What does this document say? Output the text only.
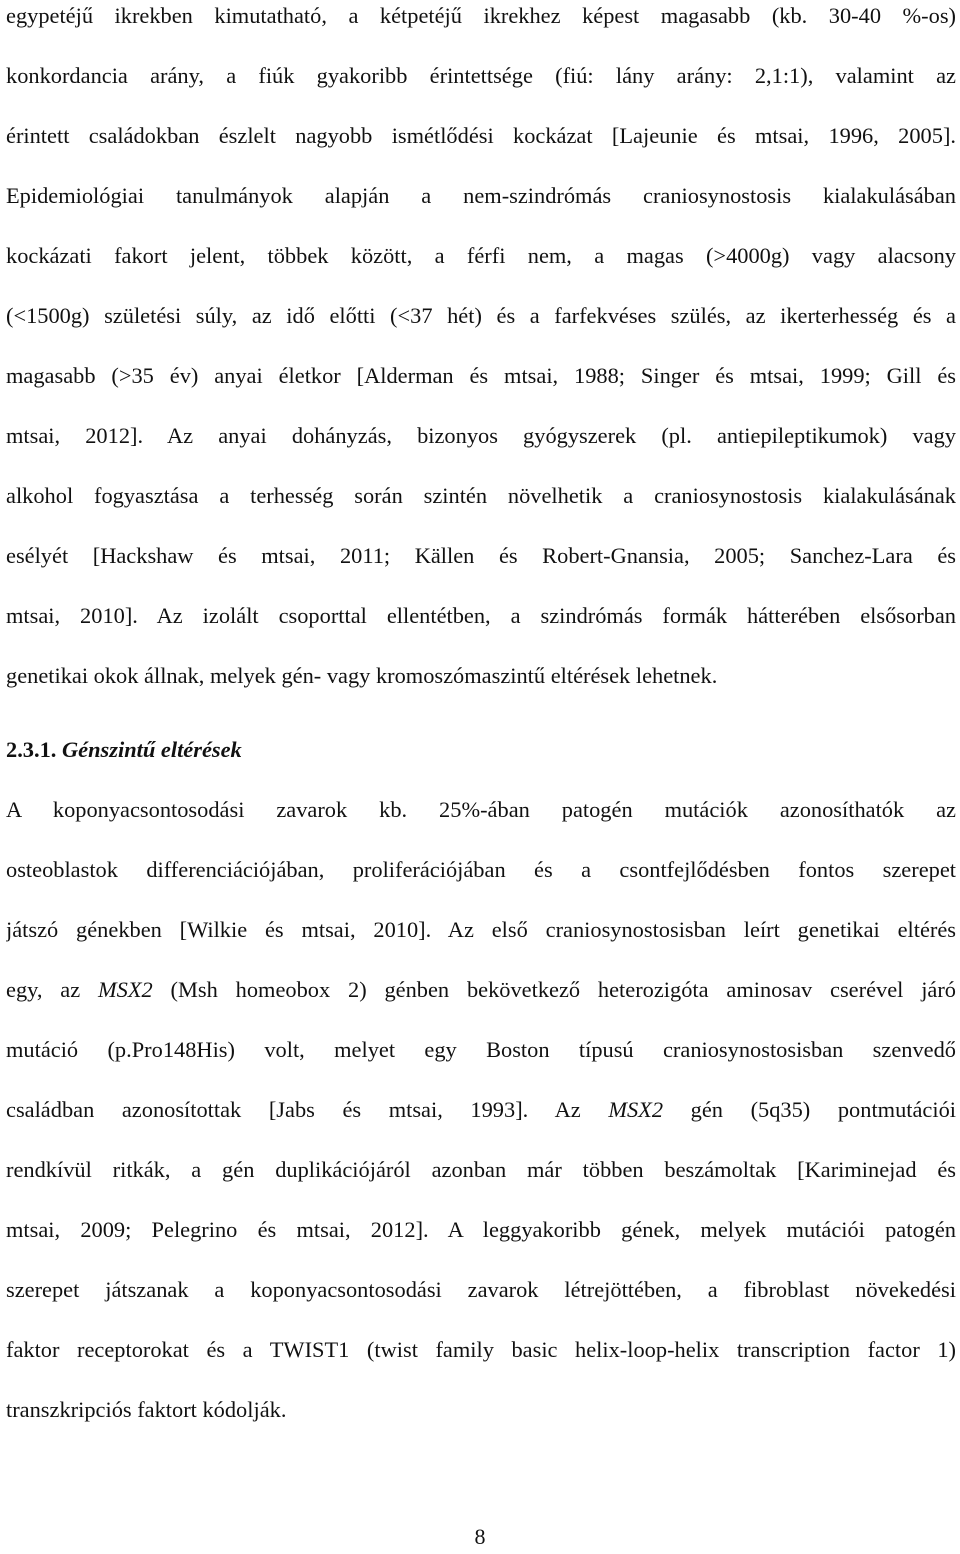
egypetéjű ikrekben kimutatható, a kétpetéjű ikrekhez képest magasabb (kb. 30-40 %-os)
konkordancia arány, a fiúk gyakoribb érintettsége (fiú: lány arány: 2,1:1), valamint az
érintett családokban észlelt nagyobb ismétlődési kockázat [Lajeunie és mtsai, 1996, 2005].
Epidemiológiai tanulmányok alapján a nem-szindrómás craniosynostosis kialakulásában
kockázati fakort jelent, többek között, a férfi nem, a magas (>4000g) vagy alacsony
(<1500g) születési súly, az idő előtti (<37 hét) és a farfekvéses szülés, az ikerterhesség és a
magasabb (>35 év) anyai életkor [Alderman és mtsai, 1988; Singer és mtsai, 1999; Gill és
mtsai, 2012]. Az anyai dohányzás, bizonyos gyógyszerek (pl. antiepileptikumok) vagy
alkohol fogyasztása a terhesség során szintén növelhetik a craniosynostosis kialakulásának
esélyét [Hackshaw és mtsai, 2011; Källen és Robert-Gnansia, 2005; Sanchez-Lara és
mtsai, 2010]. Az izolált csoporttal ellentétben, a szindrómás formák hátterében elsősorban
genetikai okok állnak, melyek gén- vagy kromoszómaszintű eltérések lehetnek.
2.3.1. Génszintű eltérések
A koponyacsontosodási zavarok kb. 25%-ában patogén mutációk azonosíthatók az
osteoblastok differenciációjában, proliferációjában és a csontfejlődésben fontos szerepet
játszó génekben [Wilkie és mtsai, 2010]. Az első craniosynostosisban leírt genetikai eltérés
egy, az MSX2 (Msh homeobox 2) génben bekövetkező heterozigóta aminosav cserével járó
mutáció (p.Pro148His) volt, melyet egy Boston típusú craniosynostosisban szenvedő
családban azonosítottak [Jabs és mtsai, 1993]. Az MSX2 gén (5q35) pontmutációi
rendkívül ritkák, a gén duplikációjáról azonban már többen beszámoltak [Kariminejad és
mtsai, 2009; Pelegrino és mtsai, 2012]. A leggyakoribb gének, melyek mutációi patogén
szerepet játszanak a koponyacsontosodási zavarok létrejöttében, a fibroblast növekedési
faktor receptorokat és a TWIST1 (twist family basic helix-loop-helix transcription factor 1)
transzkripciós faktort kódolják.
8
